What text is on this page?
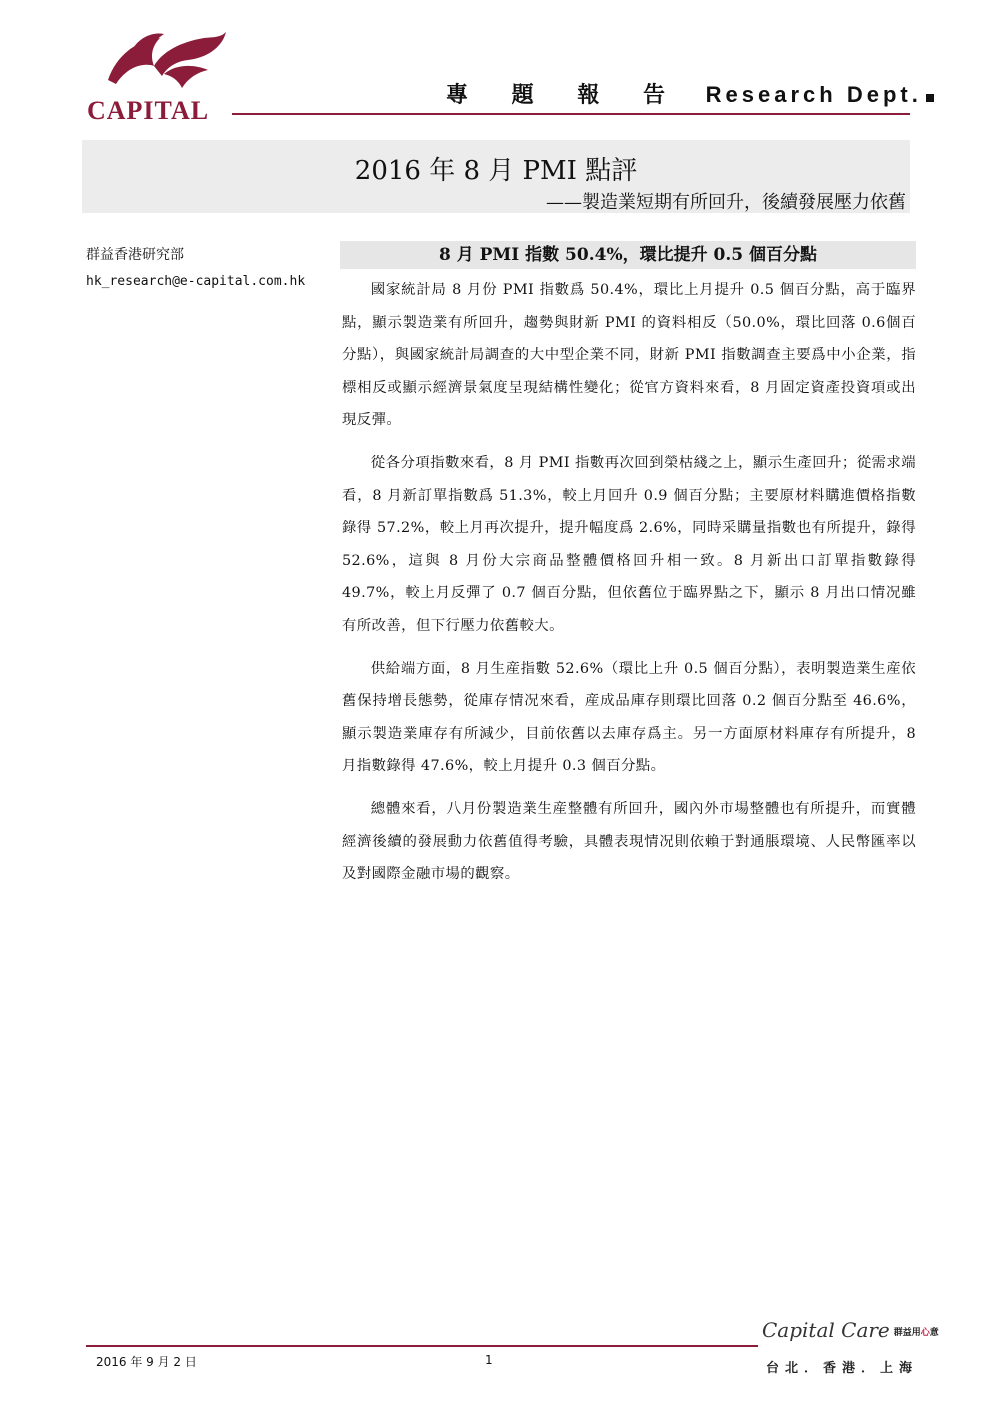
CAPITAL
專 題 報 告 Research Dept.
2016 年 8 月 PMI 點評
——製造業短期有所回升，後續發展壓力依舊
群益香港研究部
hk_research@e-capital.com.hk
8 月 PMI 指數 50.4%，環比提升 0.5 個百分點

國家統計局 8 月份 PMI 指數爲 50.4%，環比上月提升 0.5 個百分點，高于臨界點，顯示製造業有所回升，趨勢與財新 PMI 的資料相反（50.0%，環比回落 0.6個百分點），與國家統計局調查的大中型企業不同，財新 PMI 指數調查主要爲中小企業，指標相反或顯示經濟景氣度呈現結構性變化；從官方資料來看，8 月固定資產投資項或出現反彈。

從各分項指數來看，8 月 PMI 指數再次回到榮枯綫之上，顯示生產回升；從需求端看，8 月新訂單指數爲 51.3%，較上月回升 0.9 個百分點；主要原材料購進價格指數錄得 57.2%，較上月再次提升，提升幅度爲 2.6%，同時采購量指數也有所提升，錄得 52.6%，這與 8 月份大宗商品整體價格回升相一致。8 月新出口訂單指數錄得 49.7%，較上月反彈了 0.7 個百分點，但依舊位于臨界點之下，顯示 8 月出口情况雖有所改善，但下行壓力依舊較大。

供給端方面，8 月生産指數 52.6%（環比上升 0.5 個百分點），表明製造業生産依舊保持增長態勢，從庫存情况來看，産成品庫存則環比回落 0.2 個百分點至 46.6%，顯示製造業庫存有所減少，目前依舊以去庫存爲主。另一方面原材料庫存有所提升，8 月指數錄得 47.6%，較上月提升 0.3 個百分點。

總體來看，八月份製造業生産整體有所回升，國內外市場整體也有所提升，而實體經濟後續的發展動力依舊值得考驗，具體表現情况則依賴于對通脹環境、人民幣匯率以及對國際金融市場的觀察。

2016 年 9 月 2 日	1
Capital Care 群益用心意
台北．香港．上海
